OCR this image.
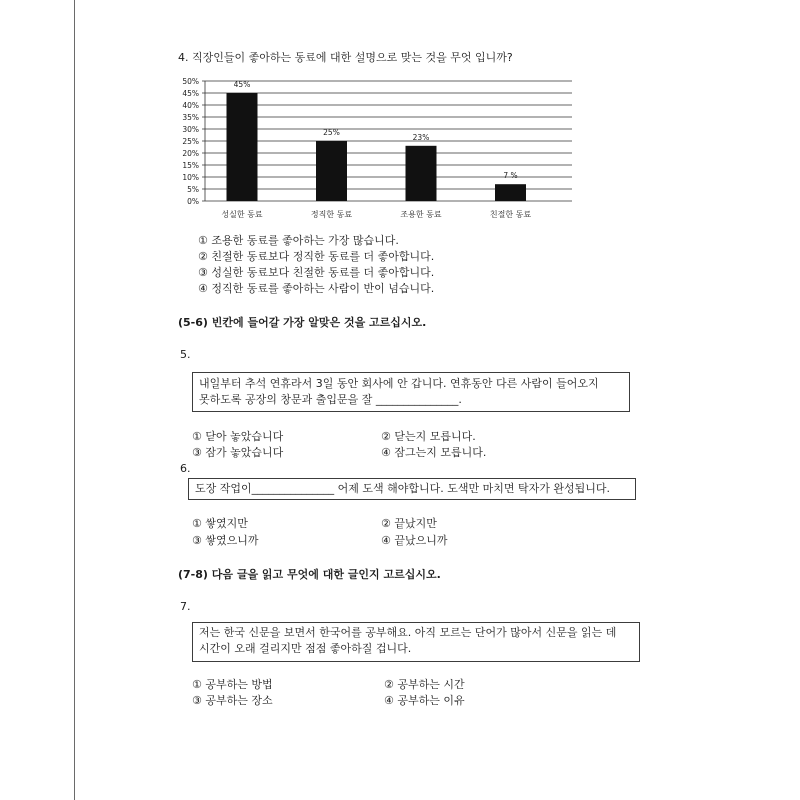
4. 직장인들이 좋아하는 동료에 대한 설명으로 맞는 것을 무엇 입니까?
0%
5%
10%
15%
20%
25%
30%
35%
40%
45%
50%	45%
성실한 동료
25%
정직한 동료
23%
조용한 동료
7 %
친절한 동료
① 조용한 동료를 좋아하는 가장 많습니다.
② 친절한 동료보다 정직한 동료를 더 좋아합니다.
③ 성실한 동료보다 친절한 동료를 더 좋아합니다.
④ 정직한 동료를 좋아하는 사람이 반이 넘습니다.
(5-6) 빈칸에 들어갈 가장 알맞은 것을 고르십시오.
5.
내일부터 추석 연휴라서 3일 동안 회사에 안 갑니다. 연휴동안 다른 사람이 들어오지
못하도록 공장의 창문과 출입문을 잘 _______________.
① 닫아 놓았습니다	② 닫는지 모릅니다.
③ 잠가 놓았습니다	④ 잠그는지 모릅니다.
6.
도장 작업이_______________ 어제 도색 해야합니다. 도색만 마치면 탁자가 완성됩니다.
① 쌓였지만	② 끝났지만
③ 쌓였으니까	④ 끝났으니까
(7-8) 다음 글을 읽고 무엇에 대한 글인지 고르십시오.
7.
저는 한국 신문을 보면서 한국어를 공부해요. 아직 모르는 단어가 많아서 신문을 읽는 데
시간이 오래 걸리지만 점점 좋아하질 겁니다.
① 공부하는 방법	② 공부하는 시간
③ 공부하는 장소	④ 공부하는 이유
